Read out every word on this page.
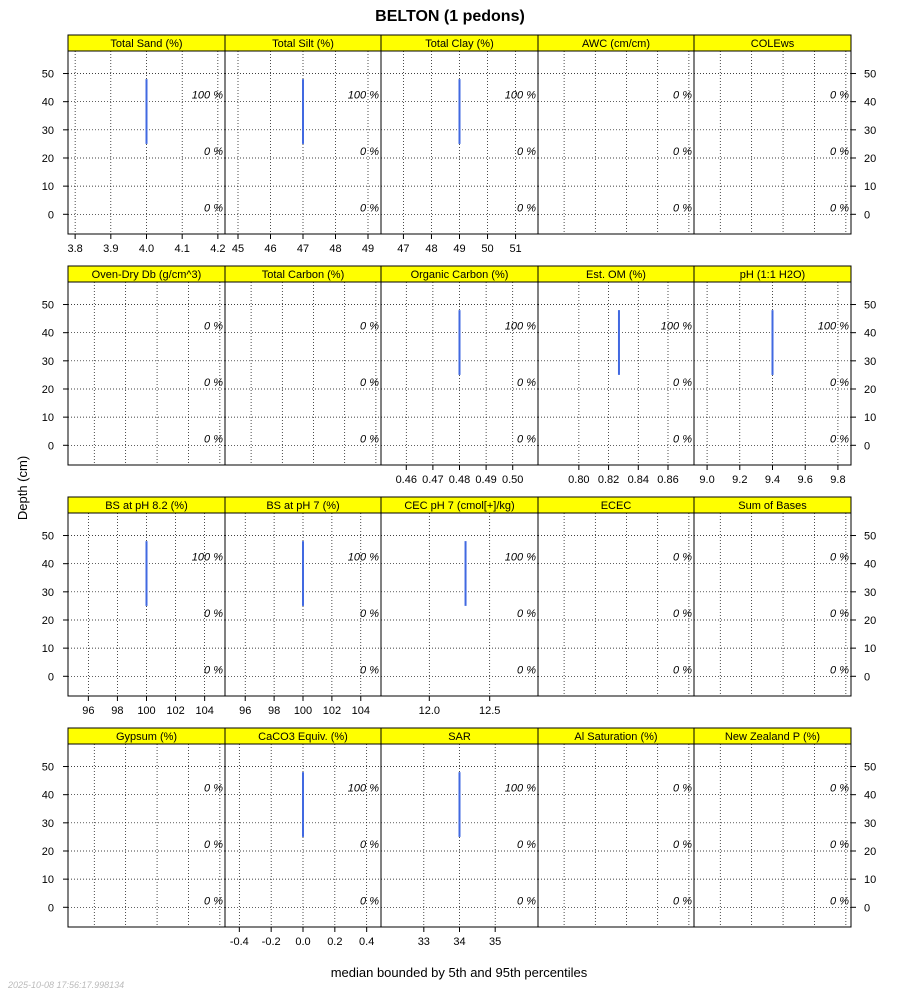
BELTON (1 pedons)
Depth (cm)
median bounded by 5th and 95th percentiles
2025-10-08 17:56:17.998134
Total Sand (%)
0 %
0 %
100 %
3.8 3.9 4.0 4.1 4.2
Total Silt (%)
0 %
0 %
100 %
45 46 47 48 49
Total Clay (%)
0 %
0 %
100 %
47 48 49 50 51
AWC (cm/cm)
0 %
0 %
0 %
COLEws
0 %
0 %
0 %
Oven-Dry Db (g/cm^3)
0 %
0 %
0 %
Total Carbon (%)
0 %
0 %
0 %
Organic Carbon (%)
0 %
0 %
100 %
0.46 0.47 0.48 0.49 0.50
Est. OM (%)
0 %
0 %
100 %
0.80 0.82 0.84 0.86
pH (1:1 H2O)
0 %
0 %
100 %
9.0 9.2 9.4 9.6 9.8
BS at pH 8.2 (%)
0 %
0 %
100 %
96 98 100 102 104
BS at pH 7 (%)
0 %
0 %
100 %
96 98 100 102 104
CEC pH 7 (cmol[+]/kg)
0 %
0 %
100 %
12.0	12.5
ECEC
0 %
0 %
0 %
Sum of Bases
0 %
0 %
0 %
Gypsum (%)
0 %
0 %
0 %
CaCO3 Equiv. (%)
0 %
0 %
100 %
-0.4 -0.2 0.0 0.2 0.4
SAR
0 %
0 %
100 %
33 34 35
Al Saturation (%)
0 %
0 %
0 %
New Zealand P (%)
0 %
0 %
0 %
0	0
10	10
20	20
30	30
40	40
50	50
0	0
10	10
20	20
30	30
40	40
50	50
0	0
10	10
20	20
30	30
40	40
50	50
0	0
10	10
20	20
30	30
40	40
50	50
